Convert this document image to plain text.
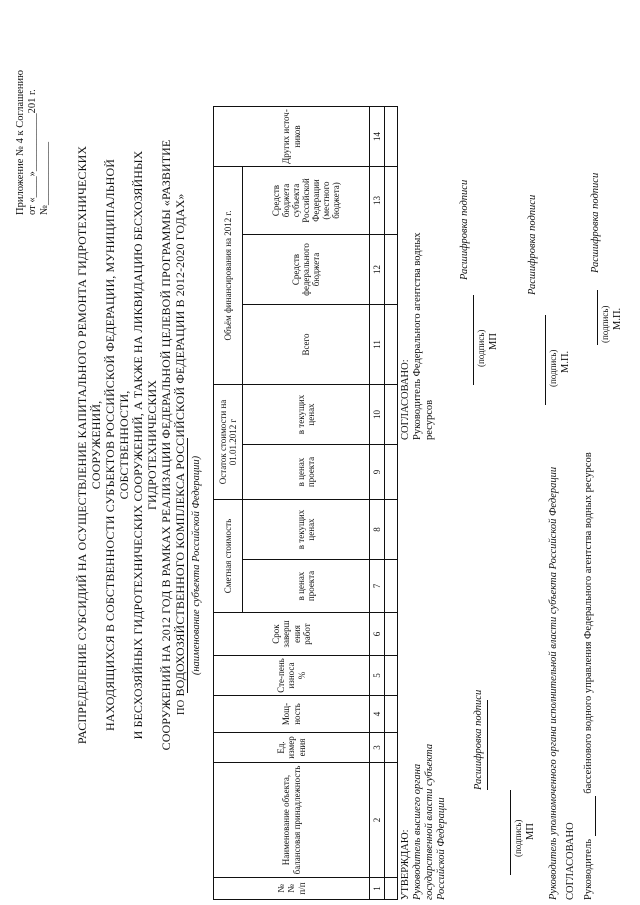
Приложение № 4 к Соглашению от «____»___________201 г. №____________ РАСПРЕДЕЛЕНИЕ СУБСИДИЙ НА ОСУЩЕСТВЛЕНИЕ КАПИТАЛЬНОГО РЕМОНТА ГИДРОТЕХНИЧЕСКИХ СООРУЖЕНИЙ, НАХОДЯЩИХСЯ В СОБСТВЕННОСТИ СУБЪЕКТОВ РОССИЙСКОЙ ФЕДЕРАЦИИ, МУНИЦИПАЛЬНОЙ СОБСТВЕННОСТИ, И БЕСХОЗЯЙНЫХ ГИДРОТЕХНИЧЕСКИХ СООРУЖЕНИЙ, А ТАКЖЕ НА ЛИКВИДАЦИЮ БЕСХОЗЯЙНЫХ ГИДРОТЕХНИЧЕСКИХ СООРУЖЕНИЙ НА 2012 ГОД В РАМКАХ РЕАЛИЗАЦИИ ФЕДЕРАЛЬНОЙ ЦЕЛЕВОЙ ПРОГРАММЫ «РАЗВИТИЕ ВОДОХОЗЯЙСТВЕННОГО КОМПЛЕКСА РОССИЙСКОЙ ФЕДЕРАЦИИ В 2012-2020 ГОДАХ»
ПО
(наименование субъекта Российской Федерации)
№ № п/п	Наименование объекта, балансовая принадлежность	Ед. измер ения	Мощ-ность	Сте-пень износа %	Срок заверш ения работ	Сметная стоимость		Остаток стоимости на 01.01.2012 г		Объём финансирования на 2012 г.			Других источ-ников
						в ценах проекта	в текущих ценах	в ценах проекта	в текущих ценах	Всего	Средств федерального бюджета	Средств бюджета субъекта Российской Федерации (местного бюджета)	
1	2	3	4	5	6	7	8	9	10	11	12	13	14

УТВЕРЖДАЮ: Руководитель высшего органа государственной власти субъекта Российской Федерации
Расшифровка подписи
(подпись) МП
СОГЛАСОВАНО: Руководитель Федерального агентства водных ресурсов
(подпись) МП
Расшифровка подписи
Руководитель уполномоченного органа исполнительной власти субъекта Российской Федерации
(подпись) М.П.
Расшифровка подписи
СОГЛАСОВАНО Руководитель   бассейнового водного управления Федерального агентства водных ресурсов
(подпись) М.П.
Расшифровка подписи
